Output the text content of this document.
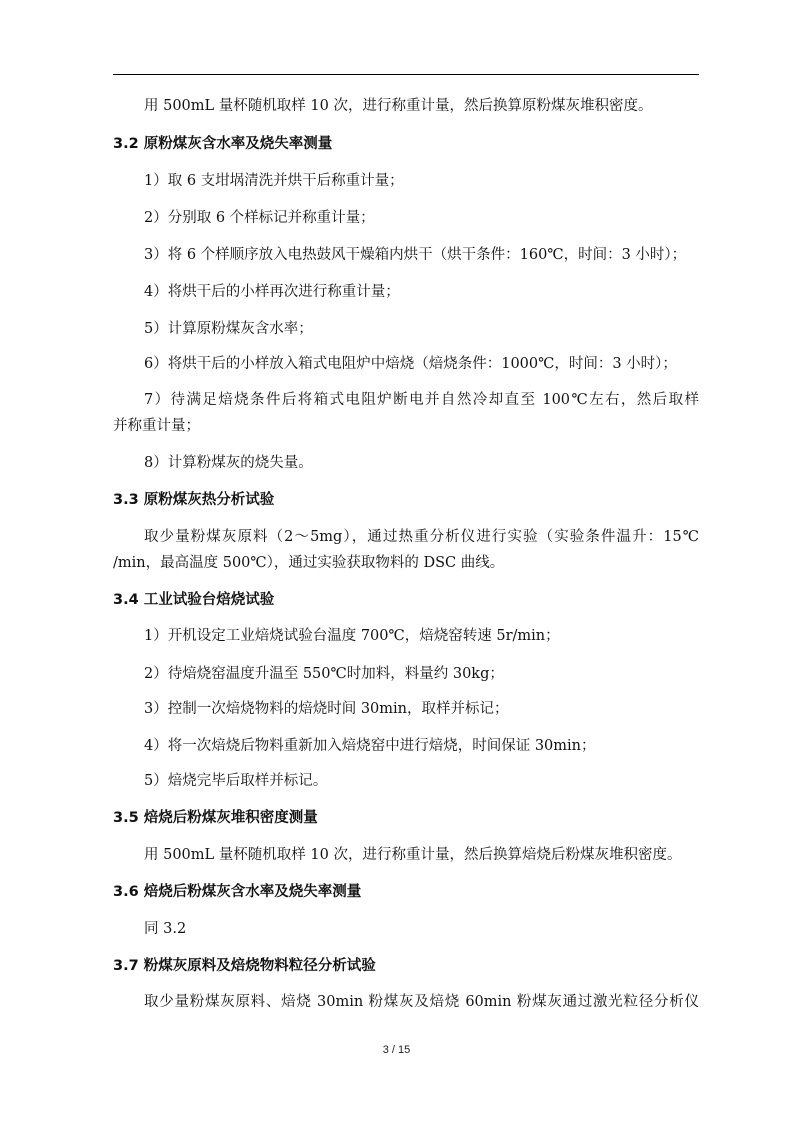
用 500mL 量杯随机取样 10 次，进行称重计量，然后换算原粉煤灰堆积密度。
3.2 原粉煤灰含水率及烧失率测量
1）取 6 支坩埚清洗并烘干后称重计量；
2）分别取 6 个样标记并称重计量；
3）将 6 个样顺序放入电热鼓风干燥箱内烘干（烘干条件：160℃，时间：3 小时）；
4）将烘干后的小样再次进行称重计量；
5）计算原粉煤灰含水率；
6）将烘干后的小样放入箱式电阻炉中焙烧（焙烧条件：1000℃，时间：3 小时）；
7）待满足焙烧条件后将箱式电阻炉断电并自然冷却直至 100℃左右，然后取样
并称重计量；
8）计算粉煤灰的烧失量。
3.3 原粉煤灰热分析试验
取少量粉煤灰原料（2～5mg），通过热重分析仪进行实验（实验条件温升：15℃
/min，最高温度 500℃），通过实验获取物料的 DSC 曲线。
3.4 工业试验台焙烧试验
1）开机设定工业焙烧试验台温度 700℃，焙烧窑转速 5r/min；
2）待焙烧窑温度升温至 550℃时加料，料量约 30kg；
3）控制一次焙烧物料的焙烧时间 30min，取样并标记；
4）将一次焙烧后物料重新加入焙烧窑中进行焙烧，时间保证 30min；
5）焙烧完毕后取样并标记。
3.5 焙烧后粉煤灰堆积密度测量
用 500mL 量杯随机取样 10 次，进行称重计量，然后换算焙烧后粉煤灰堆积密度。
3.6 焙烧后粉煤灰含水率及烧失率测量
同 3.2
3.7 粉煤灰原料及焙烧物料粒径分析试验
取少量粉煤灰原料、焙烧 30min 粉煤灰及焙烧 60min 粉煤灰通过激光粒径分析仪
3 / 15
